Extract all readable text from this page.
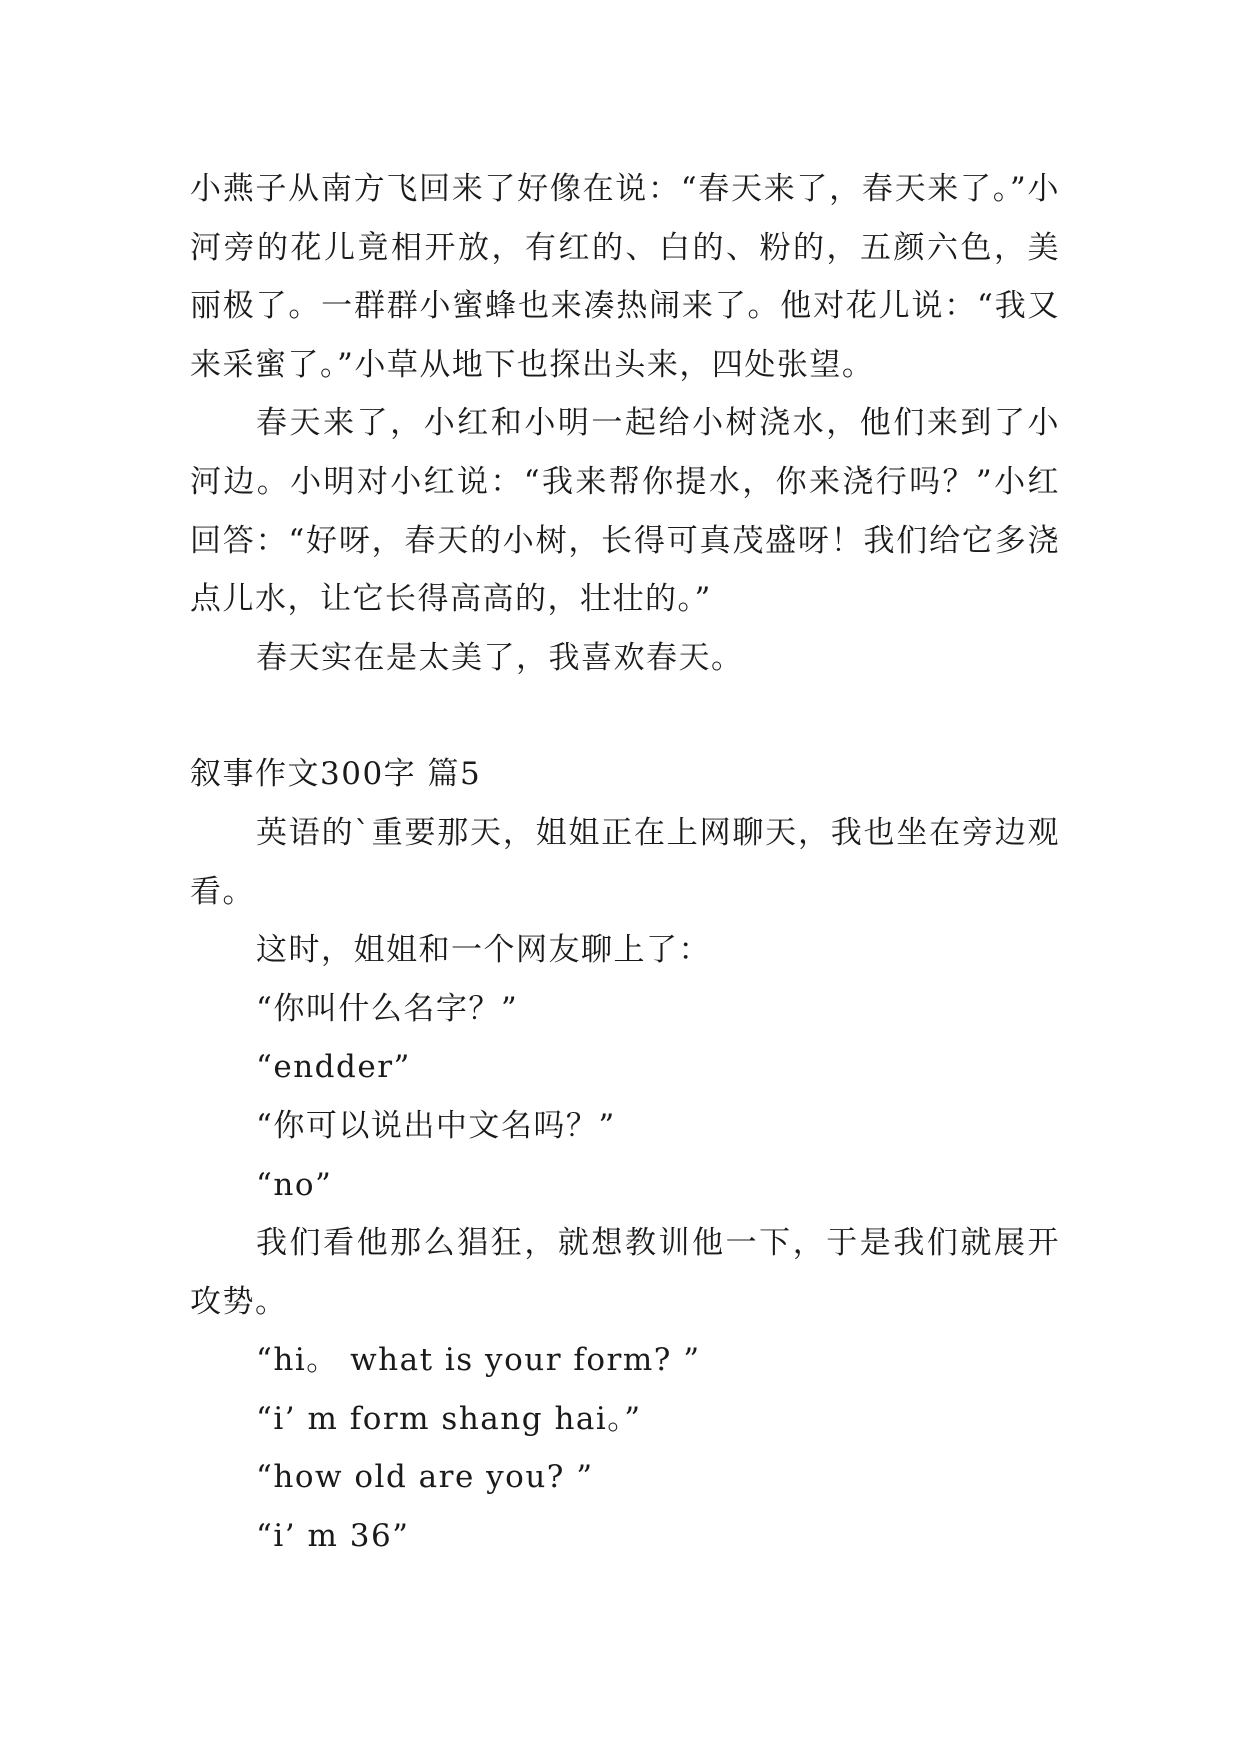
小燕子从南方飞回来了好像在说：“春天来了，春天来了。”小河旁的花儿竟相开放，有红的、白的、粉的，五颜六色，美丽极了。一群群小蜜蜂也来凑热闹来了。他对花儿说：“我又来采蜜了。”小草从地下也探出头来，四处张望。

春天来了，小红和小明一起给小树浇水，他们来到了小河边。小明对小红说：“我来帮你提水，你来浇行吗？”小红回答：“好呀，春天的小树，长得可真茂盛呀！我们给它多浇点儿水，让它长得高高的，壮壮的。”

春天实在是太美了，我喜欢春天。

叙事作文300字 篇5

英语的`重要那天，姐姐正在上网聊天，我也坐在旁边观看。

这时，姐姐和一个网友聊上了：

“你叫什么名字？”

“endder”

“你可以说出中文名吗？”

“no”

我们看他那么猖狂，就想教训他一下，于是我们就展开攻势。

“hi。 what is your form? ”

“i’ m form shang hai。”

“how old are you? ”

“i’ m 36”
